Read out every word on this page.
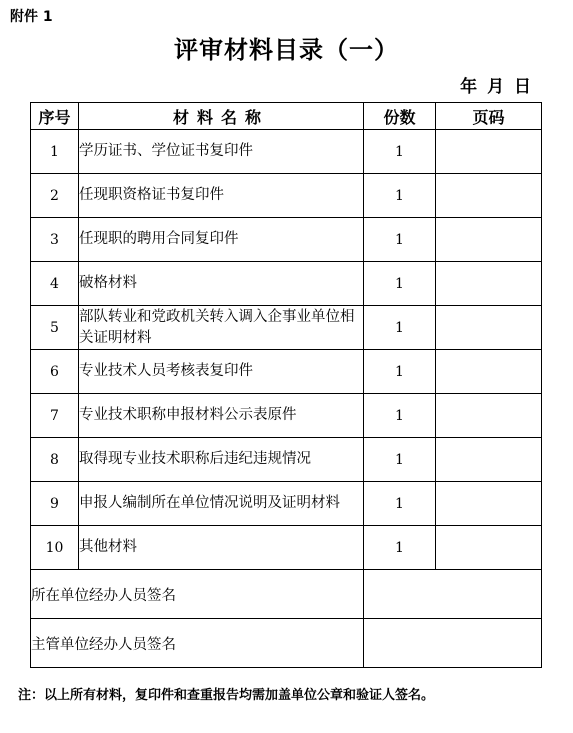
附件 1
评审材料目录（一）
年 月 日
序号	材料名称	份数	页码
1	学历证书、学位证书复印件	1	
2	任现职资格证书复印件	1	
3	任现职的聘用合同复印件	1	
4	破格材料	1	
5	部队转业和党政机关转入调入企事业单位相关证明材料	1	
6	专业技术人员考核表复印件	1	
7	专业技术职称申报材料公示表原件	1	
8	取得现专业技术职称后违纪违规情况	1	
9	申报人编制所在单位情况说明及证明材料	1	
10	其他材料	1	
所在单位经办人员签名			
主管单位经办人员签名			
注：以上所有材料，复印件和查重报告均需加盖单位公章和验证人签名。
